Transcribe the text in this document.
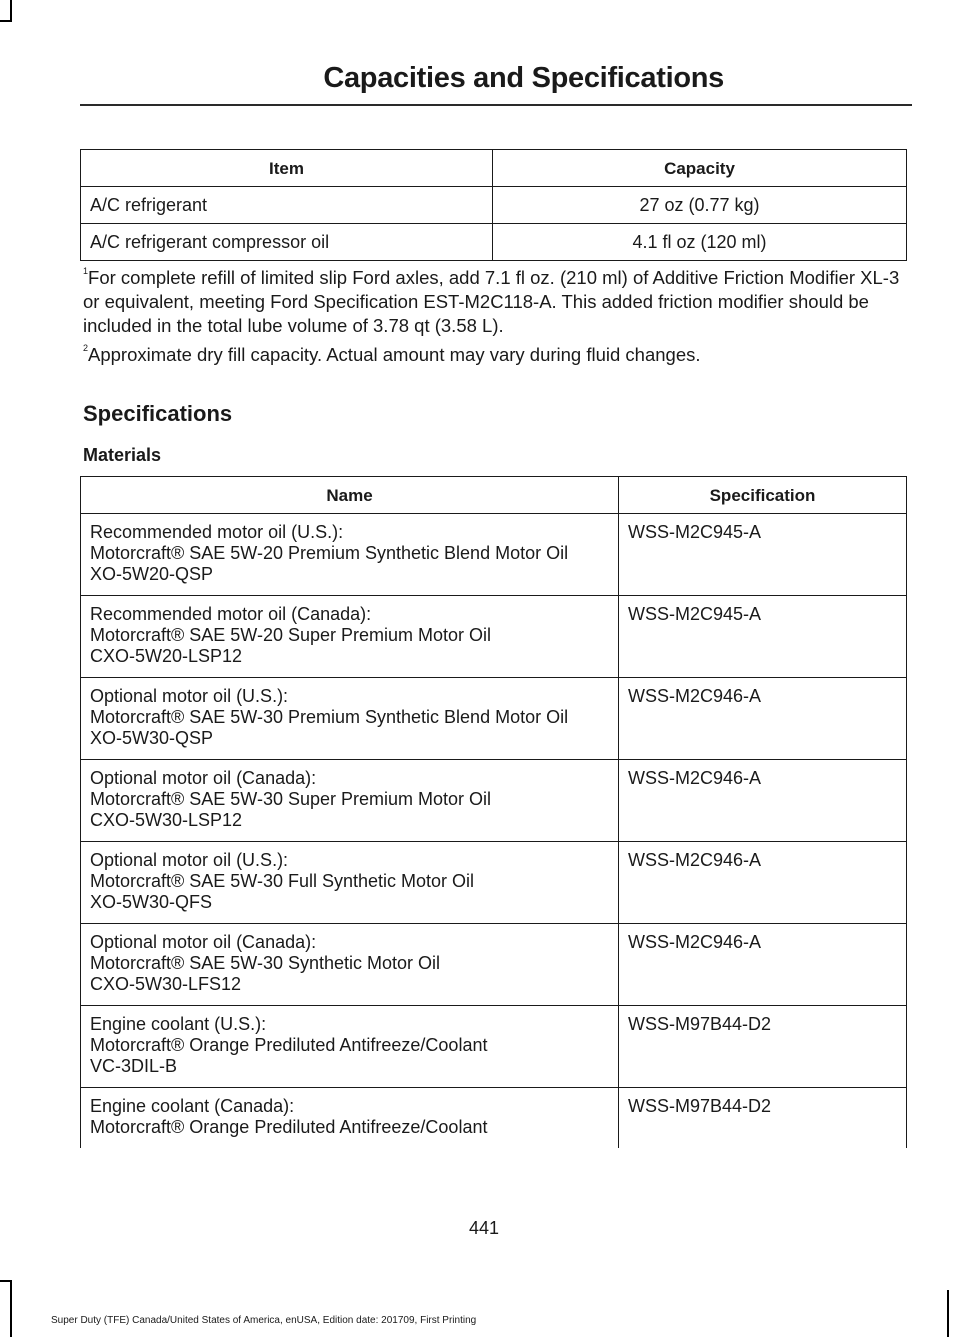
Capacities and Specifications
Item	Capacity
A/C refrigerant	27 oz (0.77 kg)
A/C refrigerant compressor oil	4.1 fl oz (120 ml)
$^1$For complete refill of limited slip Ford axles, add 7.1 fl oz. (210 ml) of Additive Friction Modifier XL-3 or equivalent, meeting Ford Specification EST-M2C118-A. This added friction modifier should be included in the total lube volume of 3.78 qt (3.58 L).
$^2$Approximate dry fill capacity. Actual amount may vary during fluid changes.
Specifications
Materials
Name	Specification

Recommended motor oil (U.S.):
Motorcraft® SAE 5W-20 Premium Synthetic Blend Motor Oil
XO-5W20-QSP	WSS-M2C945-A

Recommended motor oil (Canada):
Motorcraft® SAE 5W-20 Super Premium Motor Oil
CXO-5W20-LSP12	WSS-M2C945-A

Optional motor oil (U.S.):
Motorcraft® SAE 5W-30 Premium Synthetic Blend Motor Oil
XO-5W30-QSP	WSS-M2C946-A

Optional motor oil (Canada):
Motorcraft® SAE 5W-30 Super Premium Motor Oil
CXO-5W30-LSP12	WSS-M2C946-A

Optional motor oil (U.S.):
Motorcraft® SAE 5W-30 Full Synthetic Motor Oil
XO-5W30-QFS	WSS-M2C946-A

Optional motor oil (Canada):
Motorcraft® SAE 5W-30 Synthetic Motor Oil
CXO-5W30-LFS12	WSS-M2C946-A

Engine coolant (U.S.):
Motorcraft® Orange Prediluted Antifreeze/Coolant
VC-3DIL-B	WSS-M97B44-D2

Engine coolant (Canada):
Motorcraft® Orange Prediluted Antifreeze/Coolant	WSS-M97B44-D2
441
Super Duty (TFE) Canada/United States of America, enUSA, Edition date: 201709, First Printing
